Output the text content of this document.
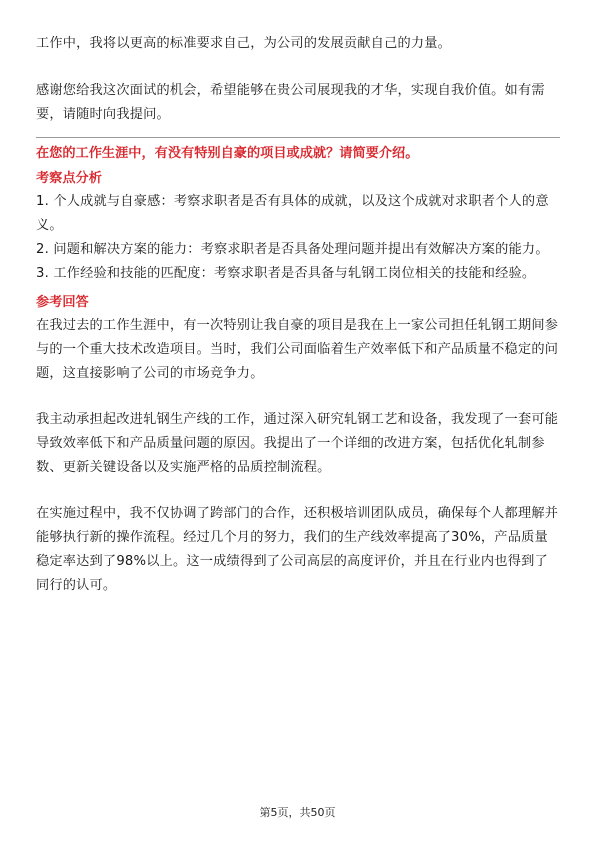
工作中，我将以更高的标准要求自己，为公司的发展贡献自己的力量。

感谢您给我这次面试的机会，希望能够在贵公司展现我的才华，实现自我价值。如有需要，请随时向我提问。

在您的工作生涯中，有没有特别自豪的项目或成就？请简要介绍。

考察点分析

1. 个人成就与自豪感：考察求职者是否有具体的成就，以及这个成就对求职者个人的意义。

2. 问题和解决方案的能力：考察求职者是否具备处理问题并提出有效解决方案的能力。

3. 工作经验和技能的匹配度：考察求职者是否具备与轧钢工岗位相关的技能和经验。

参考回答

在我过去的工作生涯中，有一次特别让我自豪的项目是我在上一家公司担任轧钢工期间参与的一个重大技术改造项目。当时，我们公司面临着生产效率低下和产品质量不稳定的问题，这直接影响了公司的市场竞争力。

我主动承担起改进轧钢生产线的工作，通过深入研究轧钢工艺和设备，我发现了一套可能导致效率低下和产品质量问题的原因。我提出了一个详细的改进方案，包括优化轧制参数、更新关键设备以及实施严格的品质控制流程。

在实施过程中，我不仅协调了跨部门的合作，还积极培训团队成员，确保每个人都理解并能够执行新的操作流程。经过几个月的努力，我们的生产线效率提高了30%，产品质量稳定率达到了98%以上。这一成绩得到了公司高层的高度评价，并且在行业内也得到了同行的认可。

第5页，共50页
